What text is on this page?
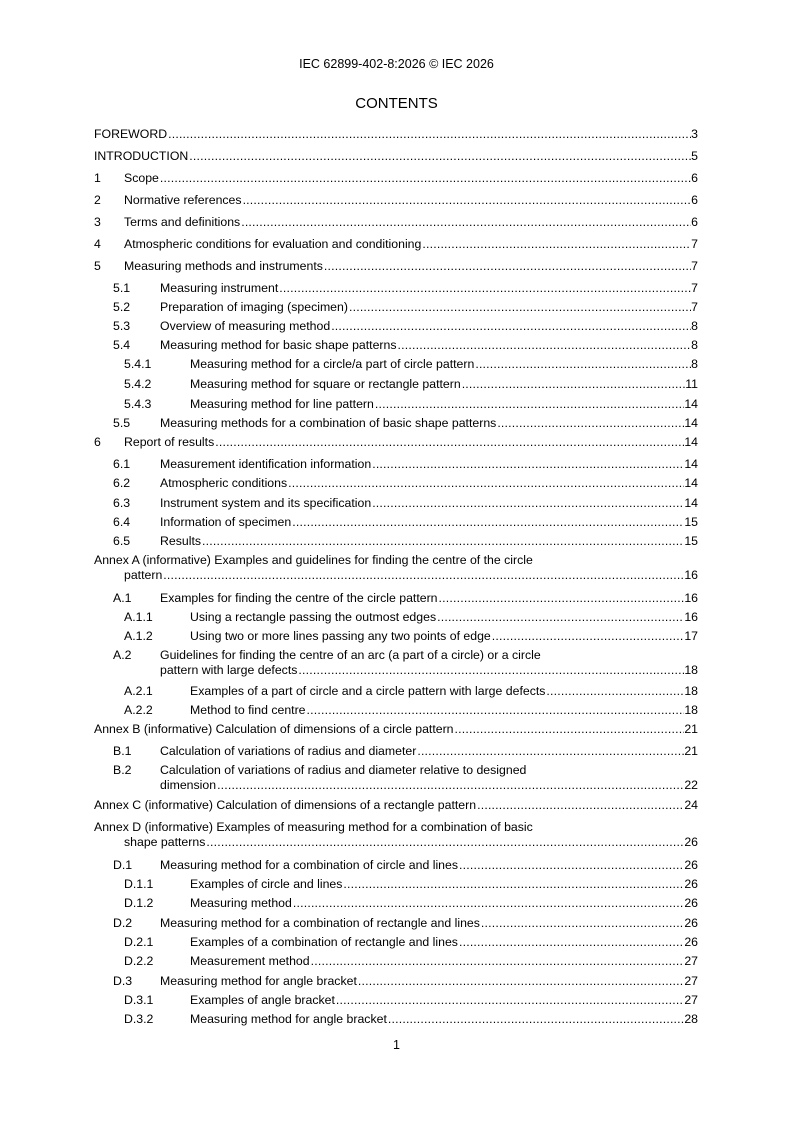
IEC 62899-402-8:2026 © IEC 2026
CONTENTS
FOREWORD .....	3
INTRODUCTION .....	5
1 Scope .....	6
2 Normative references .....	6
3 Terms and definitions .....	6
4 Atmospheric conditions for evaluation and conditioning .....	7
5 Measuring methods and instruments .....	7
5.1 Measuring instrument .....	7
5.2 Preparation of imaging (specimen) .....	7
5.3 Overview of measuring method .....	8
5.4 Measuring method for basic shape patterns .....	8
5.4.1	Measuring method for a circle/a part of circle pattern .....	8
5.4.2	Measuring method for square or rectangle pattern .....	11
5.4.3	Measuring method for line pattern .....	14
5.5 Measuring methods for a combination of basic shape patterns .....	14
6 Report of results .....	14
6.1 Measurement identification information .....	14
6.2 Atmospheric conditions .....	14
6.3 Instrument system and its specification .....	14
6.4 Information of specimen .....	15
6.5 Results .....	15
Annex A (informative) Examples and guidelines for finding the centre of the circle
pattern .....	16
A.1 Examples for finding the centre of the circle pattern .....	16
A.1.1	Using a rectangle passing the outmost edges .....	16
A.1.2	Using two or more lines passing any two points of edge .....	17
A.2 Guidelines for finding the centre of an arc (a part of a circle) or a circle
pattern with large defects .....	18
A.2.1	Examples of a part of circle and a circle pattern with large defects .....	18
A.2.2	Method to find centre .....	18
Annex B (informative) Calculation of dimensions of a circle pattern .....	21
B.1 Calculation of variations of radius and diameter .....	21
B.2 Calculation of variations of radius and diameter relative to designed
dimension .....	22
Annex C (informative) Calculation of dimensions of a rectangle pattern .....	24
Annex D (informative) Examples of measuring method for a combination of basic
shape patterns .....	26
D.1 Measuring method for a combination of circle and lines .....	26
D.1.1	Examples of circle and lines .....	26
D.1.2	Measuring method .....	26
D.2 Measuring method for a combination of rectangle and lines .....	26
D.2.1	Examples of a combination of rectangle and lines .....	26
D.2.2	Measurement method .....	27
D.3 Measuring method for angle bracket .....	27
D.3.1	Examples of angle bracket .....	27
D.3.2	Measuring method for angle bracket .....	28
1
